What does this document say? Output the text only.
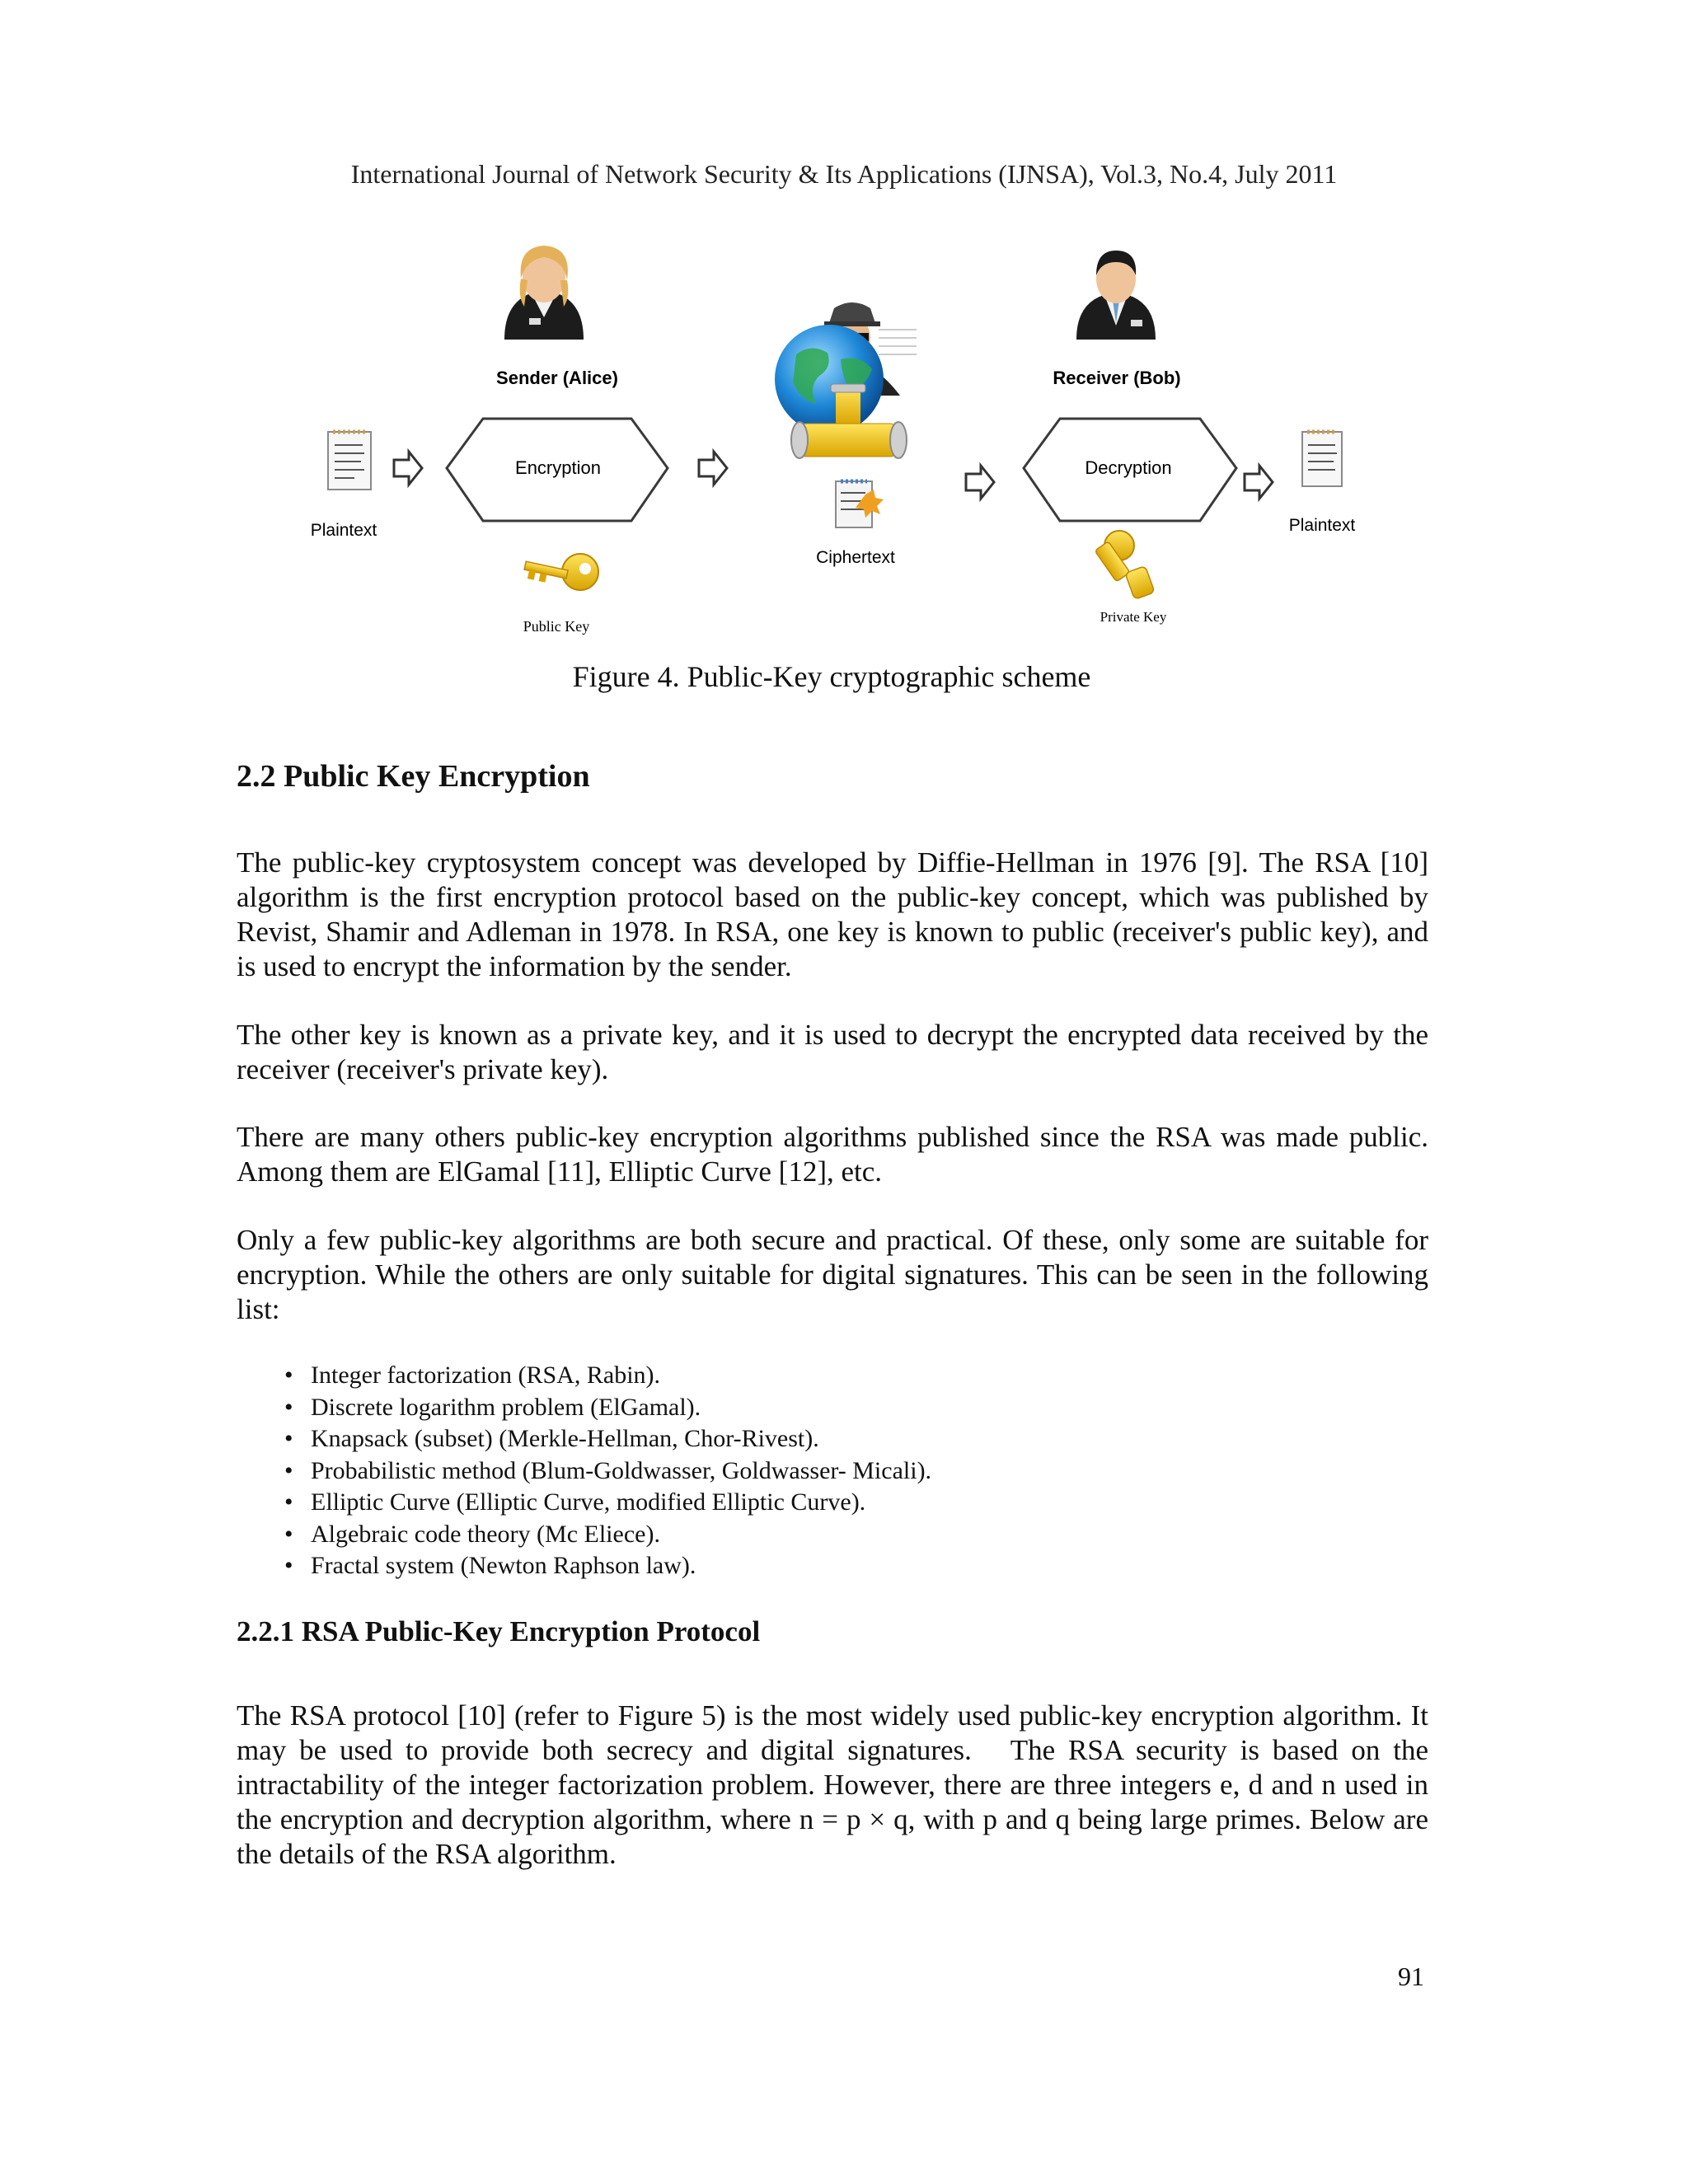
International Journal of Network Security & Its Applications (IJNSA), Vol.3, No.4, July 2011
Sender (Alice)	Receiver (Bob)
Plaintext
Encryption
Public Key
Ciphertext
Decryption
Private Key
Plaintext
Figure 4. Public-Key cryptographic scheme
2.2 Public Key Encryption
The public-key cryptosystem concept was developed by Diffie-Hellman in 1976 [9]. The RSA [10] algorithm is the first encryption protocol based on the public-key concept, which was published by Revist, Shamir and Adleman in 1978. In RSA, one key is known to public (receiver's public key), and is used to encrypt the information by the sender.
The other key is known as a private key, and it is used to decrypt the encrypted data received by the receiver (receiver's private key).
There are many others public-key encryption algorithms published since the RSA was made public. Among them are ElGamal [11], Elliptic Curve [12], etc.
Only a few public-key algorithms are both secure and practical. Of these, only some are suitable for encryption. While the others are only suitable for digital signatures. This can be seen in the following list:
• Integer factorization (RSA, Rabin).
• Discrete logarithm problem (ElGamal).
• Knapsack (subset) (Merkle-Hellman, Chor-Rivest).
• Probabilistic method (Blum-Goldwasser, Goldwasser- Micali).
• Elliptic Curve (Elliptic Curve, modified Elliptic Curve).
• Algebraic code theory (Mc Eliece).
• Fractal system (Newton Raphson law).
2.2.1 RSA Public-Key Encryption Protocol
The RSA protocol [10] (refer to Figure 5) is the most widely used public-key encryption algorithm. It may be used to provide both secrecy and digital signatures.   The RSA security is based on the intractability of the integer factorization problem. However, there are three integers e, d and n used in the encryption and decryption algorithm, where n = p × q, with p and q being large primes. Below are the details of the RSA algorithm.
91
